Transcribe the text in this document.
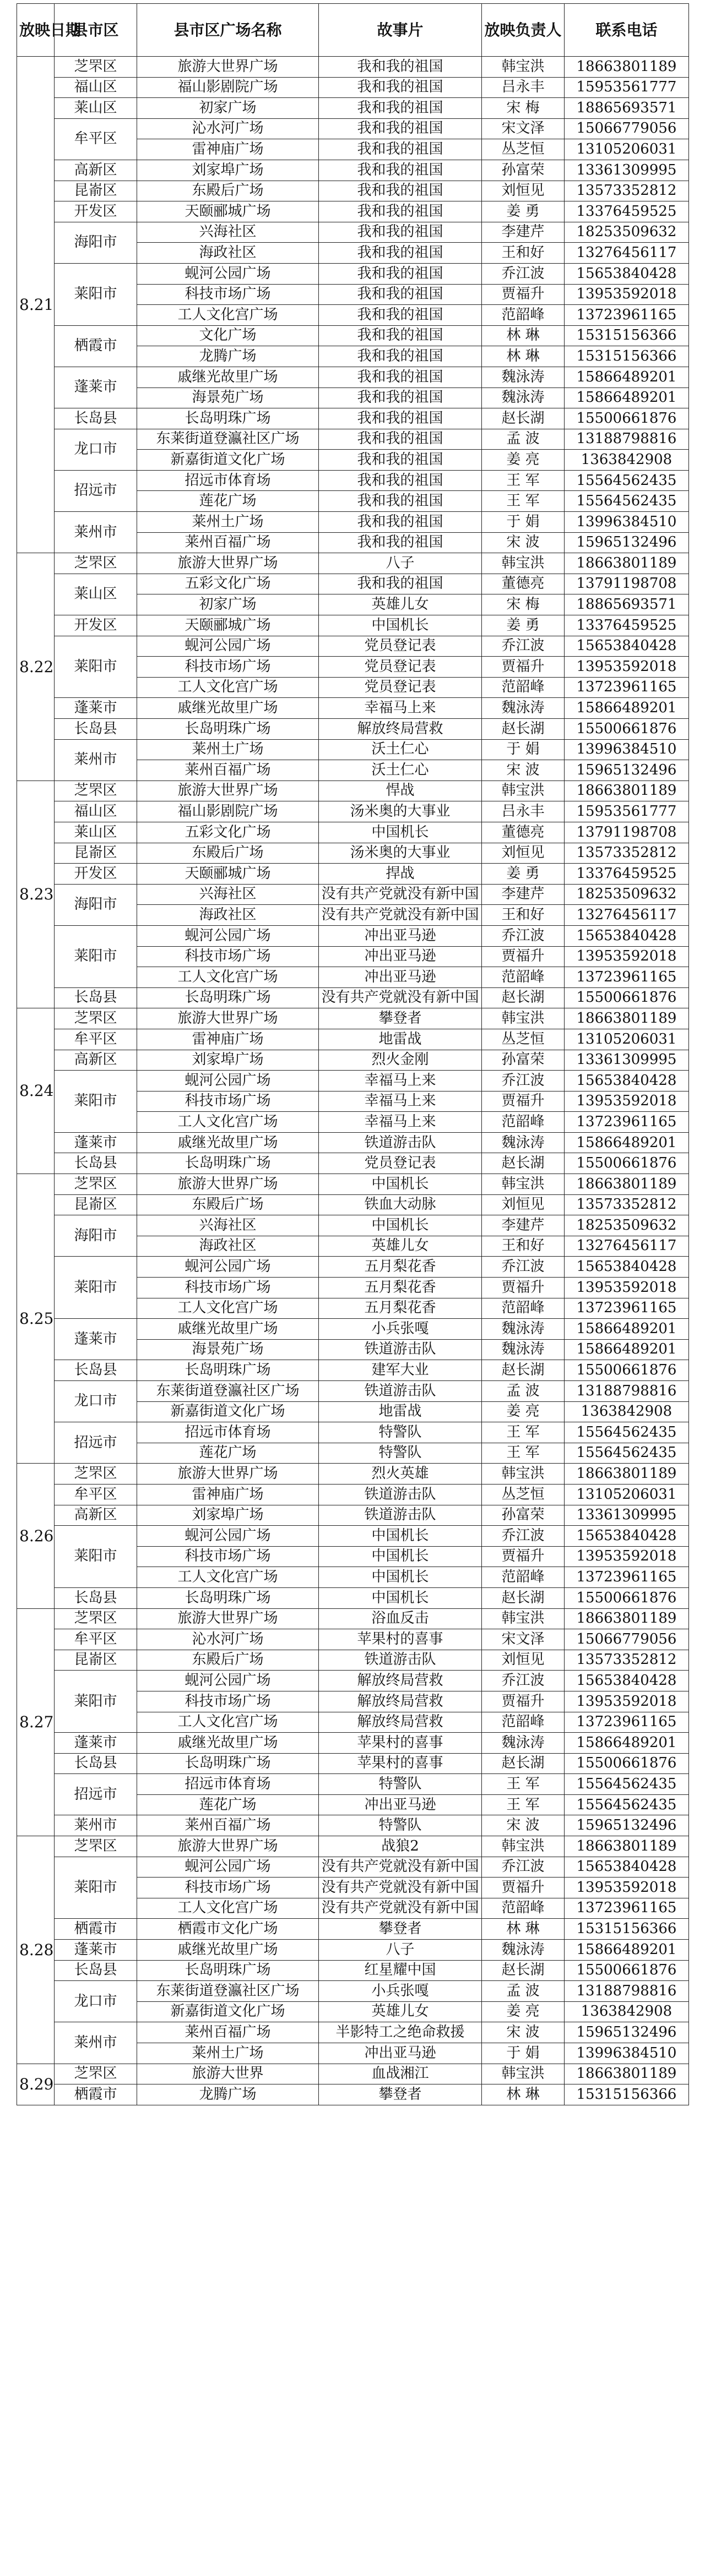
放映日期	县市区	县市区广场名称	故事片	放映负责人	联系电话
8.21	芝罘区	旅游大世界广场	我和我的祖国	韩宝洪	18663801189
	福山区	福山影剧院广场	我和我的祖国	吕永丰	15953561777
	莱山区	初家广场	我和我的祖国	宋 梅	18865693571
	牟平区	沁水河广场	我和我的祖国	宋文泽	15066779056
		雷神庙广场	我和我的祖国	丛芝恒	13105206031
	高新区	刘家埠广场	我和我的祖国	孙富荣	13361309995
	昆嵛区	东殿后广场	我和我的祖国	刘恒见	13573352812
	开发区	天颐郦城广场	我和我的祖国	姜 勇	13376459525
	海阳市	兴海社区	我和我的祖国	李建芹	18253509632
		海政社区	我和我的祖国	王和好	13276456117
	莱阳市	蚬河公园广场	我和我的祖国	乔江波	15653840428
		科技市场广场	我和我的祖国	贾福升	13953592018
		工人文化宫广场	我和我的祖国	范韶峰	13723961165
	栖霞市	文化广场	我和我的祖国	林 琳	15315156366
		龙腾广场	我和我的祖国	林 琳	15315156366
	蓬莱市	戚继光故里广场	我和我的祖国	魏泳涛	15866489201
		海景苑广场	我和我的祖国	魏泳涛	15866489201
	长岛县	长岛明珠广场	我和我的祖国	赵长湖	15500661876
	龙口市	东莱街道登瀛社区广场	我和我的祖国	孟 波	13188798816
		新嘉街道文化广场	我和我的祖国	姜 亮	1363842908
	招远市	招远市体育场	我和我的祖国	王 军	15564562435
		莲花广场	我和我的祖国	王 军	15564562435
	莱州市	莱州土广场	我和我的祖国	于 娟	13996384510
		莱州百福广场	我和我的祖国	宋 波	15965132496
8.22	芝罘区	旅游大世界广场	八子	韩宝洪	18663801189
	莱山区	五彩文化广场	我和我的祖国	董德亮	13791198708
		初家广场	英雄儿女	宋 梅	18865693571
	开发区	天颐郦城广场	中国机长	姜 勇	13376459525
	莱阳市	蚬河公园广场	党员登记表	乔江波	15653840428
		科技市场广场	党员登记表	贾福升	13953592018
		工人文化宫广场	党员登记表	范韶峰	13723961165
	蓬莱市	戚继光故里广场	幸福马上来	魏泳涛	15866489201
	长岛县	长岛明珠广场	解放终局营救	赵长湖	15500661876
	莱州市	莱州土广场	沃土仁心	于 娟	13996384510
		莱州百福广场	沃土仁心	宋 波	15965132496
8.23	芝罘区	旅游大世界广场	悍战	韩宝洪	18663801189
	福山区	福山影剧院广场	汤米奥的大事业	吕永丰	15953561777
	莱山区	五彩文化广场	中国机长	董德亮	13791198708
	昆嵛区	东殿后广场	汤米奥的大事业	刘恒见	13573352812
	开发区	天颐郦城广场	捍战	姜 勇	13376459525
	海阳市	兴海社区	没有共产党就没有新中国	李建芹	18253509632
		海政社区	没有共产党就没有新中国	王和好	13276456117
	莱阳市	蚬河公园广场	冲出亚马逊	乔江波	15653840428
		科技市场广场	冲出亚马逊	贾福升	13953592018
		工人文化宫广场	冲出亚马逊	范韶峰	13723961165
	长岛县	长岛明珠广场	没有共产党就没有新中国	赵长湖	15500661876
8.24	芝罘区	旅游大世界广场	攀登者	韩宝洪	18663801189
	牟平区	雷神庙广场	地雷战	丛芝恒	13105206031
	高新区	刘家埠广场	烈火金刚	孙富荣	13361309995
	莱阳市	蚬河公园广场	幸福马上来	乔江波	15653840428
		科技市场广场	幸福马上来	贾福升	13953592018
		工人文化宫广场	幸福马上来	范韶峰	13723961165
	蓬莱市	戚继光故里广场	铁道游击队	魏泳涛	15866489201
	长岛县	长岛明珠广场	党员登记表	赵长湖	15500661876
8.25	芝罘区	旅游大世界广场	中国机长	韩宝洪	18663801189
	昆嵛区	东殿后广场	铁血大动脉	刘恒见	13573352812
	海阳市	兴海社区	中国机长	李建芹	18253509632
		海政社区	英雄儿女	王和好	13276456117
	莱阳市	蚬河公园广场	五月梨花香	乔江波	15653840428
		科技市场广场	五月梨花香	贾福升	13953592018
		工人文化宫广场	五月梨花香	范韶峰	13723961165
	蓬莱市	戚继光故里广场	小兵张嘎	魏泳涛	15866489201
		海景苑广场	铁道游击队	魏泳涛	15866489201
	长岛县	长岛明珠广场	建军大业	赵长湖	15500661876
	龙口市	东莱街道登瀛社区广场	铁道游击队	孟 波	13188798816
		新嘉街道文化广场	地雷战	姜 亮	1363842908
	招远市	招远市体育场	特警队	王 军	15564562435
		莲花广场	特警队	王 军	15564562435
8.26	芝罘区	旅游大世界广场	烈火英雄	韩宝洪	18663801189
	牟平区	雷神庙广场	铁道游击队	丛芝恒	13105206031
	高新区	刘家埠广场	铁道游击队	孙富荣	13361309995
	莱阳市	蚬河公园广场	中国机长	乔江波	15653840428
		科技市场广场	中国机长	贾福升	13953592018
		工人文化宫广场	中国机长	范韶峰	13723961165
	长岛县	长岛明珠广场	中国机长	赵长湖	15500661876
8.27	芝罘区	旅游大世界广场	浴血反击	韩宝洪	18663801189
	牟平区	沁水河广场	苹果村的喜事	宋文泽	15066779056
	昆嵛区	东殿后广场	铁道游击队	刘恒见	13573352812
	莱阳市	蚬河公园广场	解放终局营救	乔江波	15653840428
		科技市场广场	解放终局营救	贾福升	13953592018
		工人文化宫广场	解放终局营救	范韶峰	13723961165
	蓬莱市	戚继光故里广场	苹果村的喜事	魏泳涛	15866489201
	长岛县	长岛明珠广场	苹果村的喜事	赵长湖	15500661876
	招远市	招远市体育场	特警队	王 军	15564562435
		莲花广场	冲出亚马逊	王 军	15564562435
	莱州市	莱州百福广场	特警队	宋 波	15965132496
8.28	芝罘区	旅游大世界广场	战狼2	韩宝洪	18663801189
	莱阳市	蚬河公园广场	没有共产党就没有新中国	乔江波	15653840428
		科技市场广场	没有共产党就没有新中国	贾福升	13953592018
		工人文化宫广场	没有共产党就没有新中国	范韶峰	13723961165
	栖霞市	栖霞市文化广场	攀登者	林 琳	15315156366
	蓬莱市	戚继光故里广场	八子	魏泳涛	15866489201
	长岛县	长岛明珠广场	红星耀中国	赵长湖	15500661876
	龙口市	东莱街道登瀛社区广场	小兵张嘎	孟 波	13188798816
		新嘉街道文化广场	英雄儿女	姜 亮	1363842908
	莱州市	莱州百福广场	半影特工之绝命救援	宋 波	15965132496
		莱州土广场	冲出亚马逊	于 娟	13996384510
8.29	芝罘区	旅游大世界	血战湘江	韩宝洪	18663801189
	栖霞市	龙腾广场	攀登者	林 琳	15315156366
